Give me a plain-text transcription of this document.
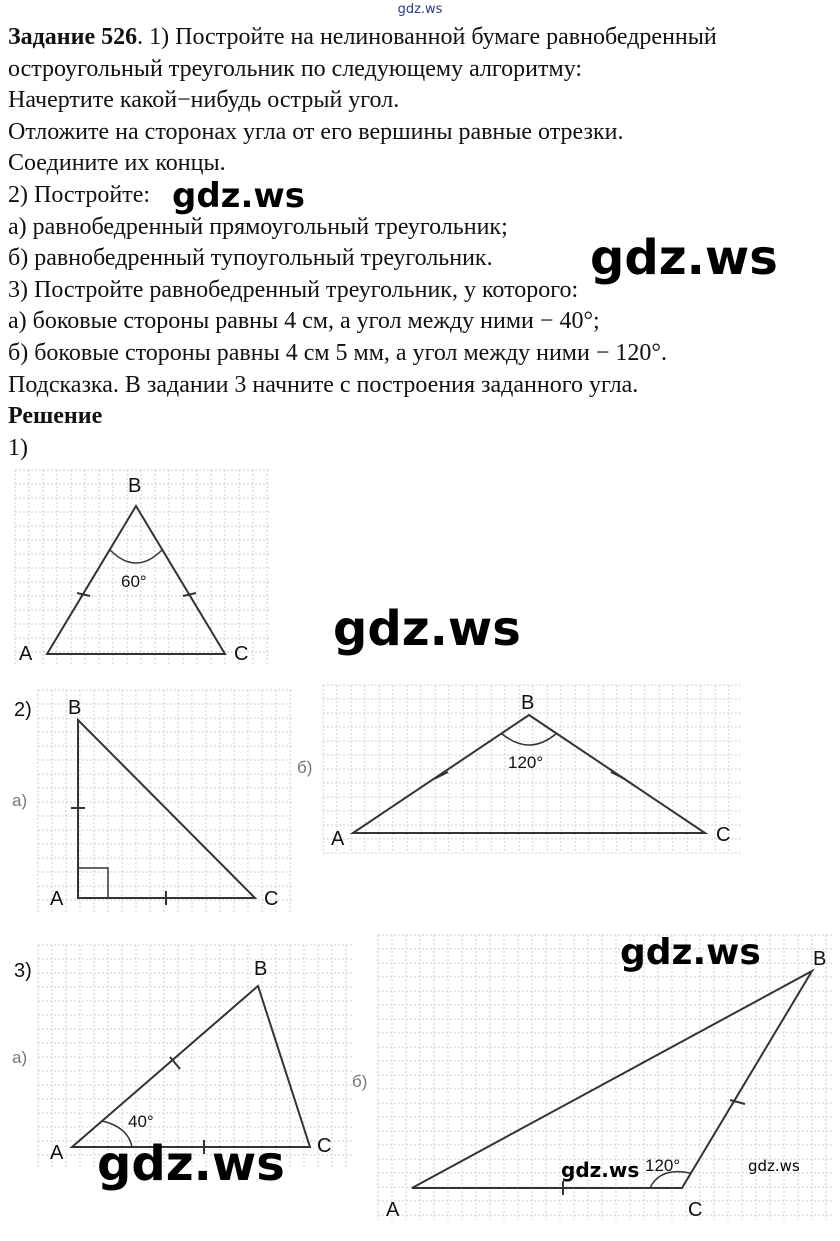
gdz.ws
Задание 526. 1) Постройте на нелинованной бумаге равнобедренный
остроугольный треугольник по следующему алгоритму:
Начертите какой−нибудь острый угол.
Отложите на сторонах угла от его вершины равные отрезки.
Соедините их концы.
2) Постройте:
а) равнобедренный прямоугольный треугольник;
б) равнобедренный тупоугольный треугольник.
3) Постройте равнобедренный треугольник, у которого:
а) боковые стороны равны 4 см, а угол между ними − 40°;
б) боковые стороны равны 4 см 5 мм, а угол между ними − 120°.
Подсказка. В задании 3 начните с построения заданного угла.
Решение
1)
B
60°
A	C
2)
а)
B
A	C
б)
B
120°
A	C
3)
а)
B
40°
A	C
б)
B
120°
A	C
gdz.ws
gdz.ws
gdz.ws
gdz.ws
gdz.ws	gdz.ws	gdz.ws
